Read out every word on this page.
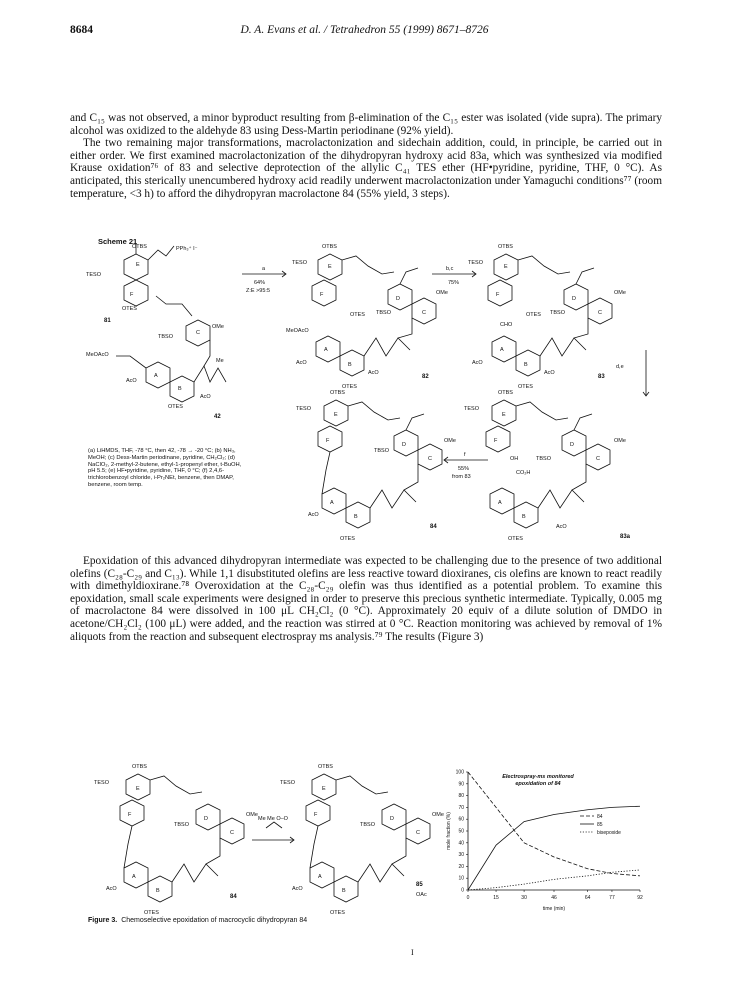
8684	D. A. Evans et al. / Tetrahedron 55 (1999) 8671–8726

and C₁₅ was not observed, a minor byproduct resulting from β-elimination of the C₁₅ ester was isolated (vide supra). The primary alcohol was oxidized to the aldehyde 83 using Dess-Martin periodinane (92% yield).

The two remaining major transformations, macrolactonization and sidechain addition, could, in principle, be carried out in either order. We first examined macrolactonization of the dihydropyran hydroxy acid 83a, which was synthesized via modified Krause oxidation⁷⁶ of 83 and selective deprotection of the allylic C₄₁ TES ether (HF•pyridine, pyridine, THF, 0 °C). As anticipated, this sterically unencumbered hydroxy acid readily underwent macrolactonization under Yamaguchi conditions⁷⁷ (room temperature, <3 h) to afford the dihydropyran macrolactone 84 (55% yield, 3 steps).

Scheme 21
OTBS	PPh₃⁺ I⁻
TESO
OTES
E
F
TBSO
OMe
MeOAcO
C
A
B
AcO
AcO
OTES
Me
OTBS
TESO
E
F
OTES TBSO
D
C
OMe
MeOAcO
A
B
AcO
AcO
OTES
OTBS
TESO
E
F
OTES TBSO
D
C
OMe
CHO
A
B
AcO
AcO
OTES
OTBS
TESO
E
F
TBSO
D
C
OMe
A
B
AcO
OTES
OTBS
TESO
E
F
OH	TBSO
D
C
OMe
CO₂H
A
B
AcO
OTES
a
64%
Z:E >95:5
b,c
75%
d,e
f
55%
from 83
81
42
82	83
83a
84
(a) LiHMDS, THF, -78 °C, then 42, -78 → -20 °C; (b) NH₃, MeOH; (c) Dess-Martin periodinane, pyridine, CH₂Cl₂; (d) NaClO₂, 2-methyl-2-butene, ethyl-1-propenyl ether, t-BuOH, pH 5.5; (e) HF•pyridine, pyridine, THF, 0 °C; (f) 2,4,6-trichlorobenzoyl chloride, i-Pr₂NEt, benzene, then DMAP, benzene, room temp.

Epoxidation of this advanced dihydropyran intermediate was expected to be challenging due to the presence of two additional olefins (C₂₈-C₂₉ and C₁₃). While 1,1 disubstituted olefins are less reactive toward dioxiranes, cis olefins are known to react readily with dimethyldioxirane.⁷⁸ Overoxidation at the C₂₈-C₂₉ olefin was thus identified as a potential problem. To examine this epoxidation, small scale experiments were designed in order to preserve this precious synthetic intermediate. Typically, 0.005 mg of macrolactone 84 were dissolved in 100 μL CH₂Cl₂ (0 °C). Approximately 20 equiv of a dilute solution of DMDO in acetone/CH₂Cl₂ (100 μL) were added, and the reaction was stirred at 0 °C. Reaction monitoring was achieved by removal of 1% aliquots from the reaction and subsequent electrospray ms analysis.⁷⁹ The results (Figure 3)

OTBS
TESO
E
F
D
C
OMe
TBSO
A
B
AcO
OTES
OTBS
TESO
E
F
D
C
OMe
TBSO
A
B
AcO
OAc
OTES
Me Me O–O
84
85
0
10
20
30
40
50
60
70
80
90
100
0	15	30	46	64	77	92
time (min)
mole fraction (%)
Electrospray-ms monitored
epoxidation of 84
84
85
bisepoxide
Figure 3. Chemoselective epoxidation of macrocyclic dihydropyran 84
I
